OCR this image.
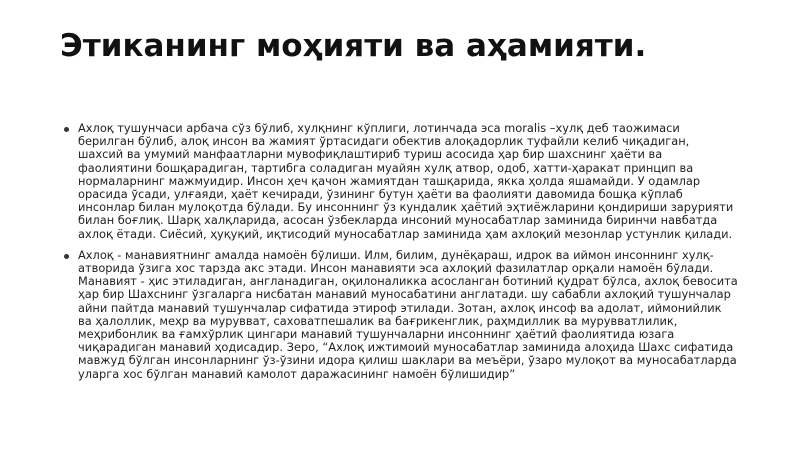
Этиканинг моҳияти ва аҳамияти.
Ахлоқ тушунчаси арбача сўз бўлиб, хулқнинг кўплиги, лотинчада эса moralis –хулқ деб таожимаси берилган бўлиб, алоқ инсон ва жамият ўртасидаги обектив алоқадорлик туфайли келиб чиқадиган, шахсий ва умумий манфаатларни мувофиқлаштириб туриш асосида ҳар бир шахснинг ҳаёти ва фаолиятини бошқарадиган, тартибга соладиган муайян хулқ атвор, одоб, хатти-ҳаракат принцип ва нормаларнинг мажмуидир. Инсон ҳеч қачон жамиятдан ташқарида, якка ҳолда яшамайди. У одамлар орасида ўсади, улғаяди, ҳаёт кечиради, ўзининг бутун ҳаёти ва фаолияти давомида бошқа кўплаб инсонлар билан мулоқотда бўлади. Бу инсоннинг ўз кундалик ҳаётий эҳтиёжларини қондириши зарурияти билан боғлиқ. Шарқ халқларида, асосан ўзбекларда инсоний муносабатлар заминида биринчи навбатда ахлоқ ётади. Сиёсий, ҳуқуқий, иқтисодий муносабатлар заминида ҳам ахлоқий мезонлар устунлик қилади.
Ахлоқ - манавиятнинг амалда намоён бўлиши. Илм, билим, дунёқараш, идрок ва иймон инсоннинг хулқ-атворида ўзига хос тарзда акс этади. Инсон манавияти эса ахлоқий фазилатлар орқали намоён бўлади. Манавият - ҳис этиладиган, англанадиган, оқилоналикка асосланган ботиний қудрат бўлса, ахлоқ бевосита ҳар бир Шахснинг ўзгаларга нисбатан манавий муносабатини англатади. шу сабабли ахлоқий тушунчалар айни пайтда манавий тушунчалар сифатида этироф этилади. Зотан, ахлоқ инсоф ва адолат, иймонийлик ва ҳалоллик, меҳр ва мурувват, саховатпешалик ва бағрикенглик, раҳмдиллик ва мурувватлилик, меҳрибонлик ва ғамхўрлик цингари манавий тушунчаларни инсоннинг ҳаётий фаолиятида юзага чиқарадиган манавий ҳодисадир. Зеро, “Ахлоқ ижтимоий муносабатлар заминида алоҳида Шахс сифатида мавжуд бўлган инсонларнинг ўз-ўзини идора қилиш шаклари ва меъёри, ўзаро мулоқот ва муносабатларда уларга хос бўлган манавий камолот даражасининг намоён бўлишидир”
